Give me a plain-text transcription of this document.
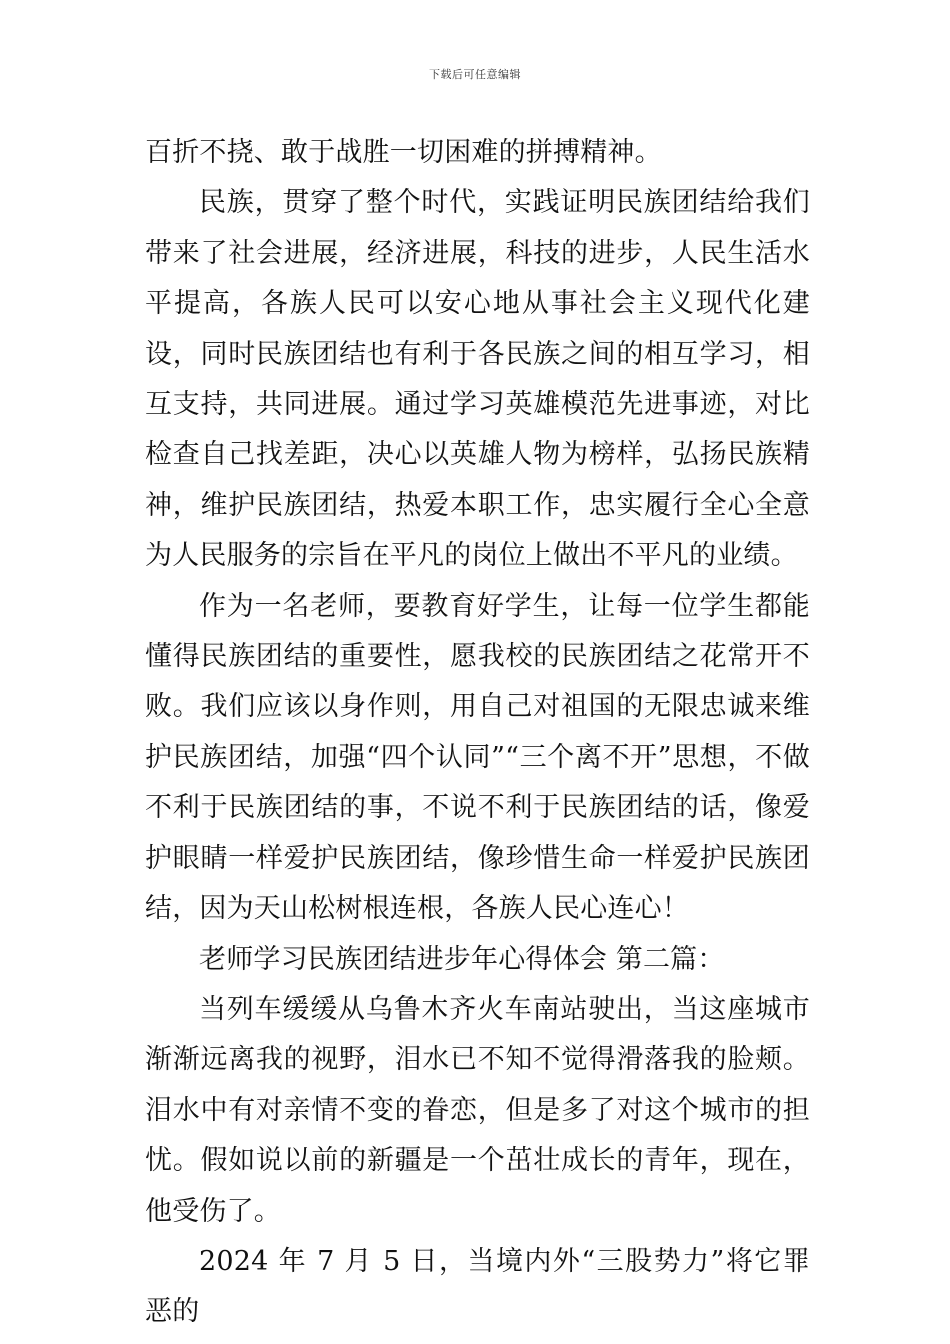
下载后可任意编辑

百折不挠、敢于战胜一切困难的拼搏精神。

民族，贯穿了整个时代，实践证明民族团结给我们带来了社会进展，经济进展，科技的进步，人民生活水平提高，各族人民可以安心地从事社会主义现代化建设，同时民族团结也有利于各民族之间的相互学习，相互支持，共同进展。通过学习英雄模范先进事迹，对比检查自己找差距，决心以英雄人物为榜样，弘扬民族精神，维护民族团结，热爱本职工作，忠实履行全心全意为人民服务的宗旨在平凡的岗位上做出不平凡的业绩。

作为一名老师，要教育好学生，让每一位学生都能懂得民族团结的重要性，愿我校的民族团结之花常开不败。我们应该以身作则，用自己对祖国的无限忠诚来维护民族团结，加强“四个认同”“三个离不开”思想，不做不利于民族团结的事，不说不利于民族团结的话，像爱护眼睛一样爱护民族团结，像珍惜生命一样爱护民族团结，因为天山松树根连根，各族人民心连心！

老师学习民族团结进步年心得体会 第二篇：

当列车缓缓从乌鲁木齐火车南站驶出，当这座城市渐渐远离我的视野，泪水已不知不觉得滑落我的脸颊。泪水中有对亲情不变的眷恋，但是多了对这个城市的担忧。假如说以前的新疆是一个茁壮成长的青年，现在，他受伤了。

2024 年 7 月 5 日，当境内外“三股势力”将它罪恶的
